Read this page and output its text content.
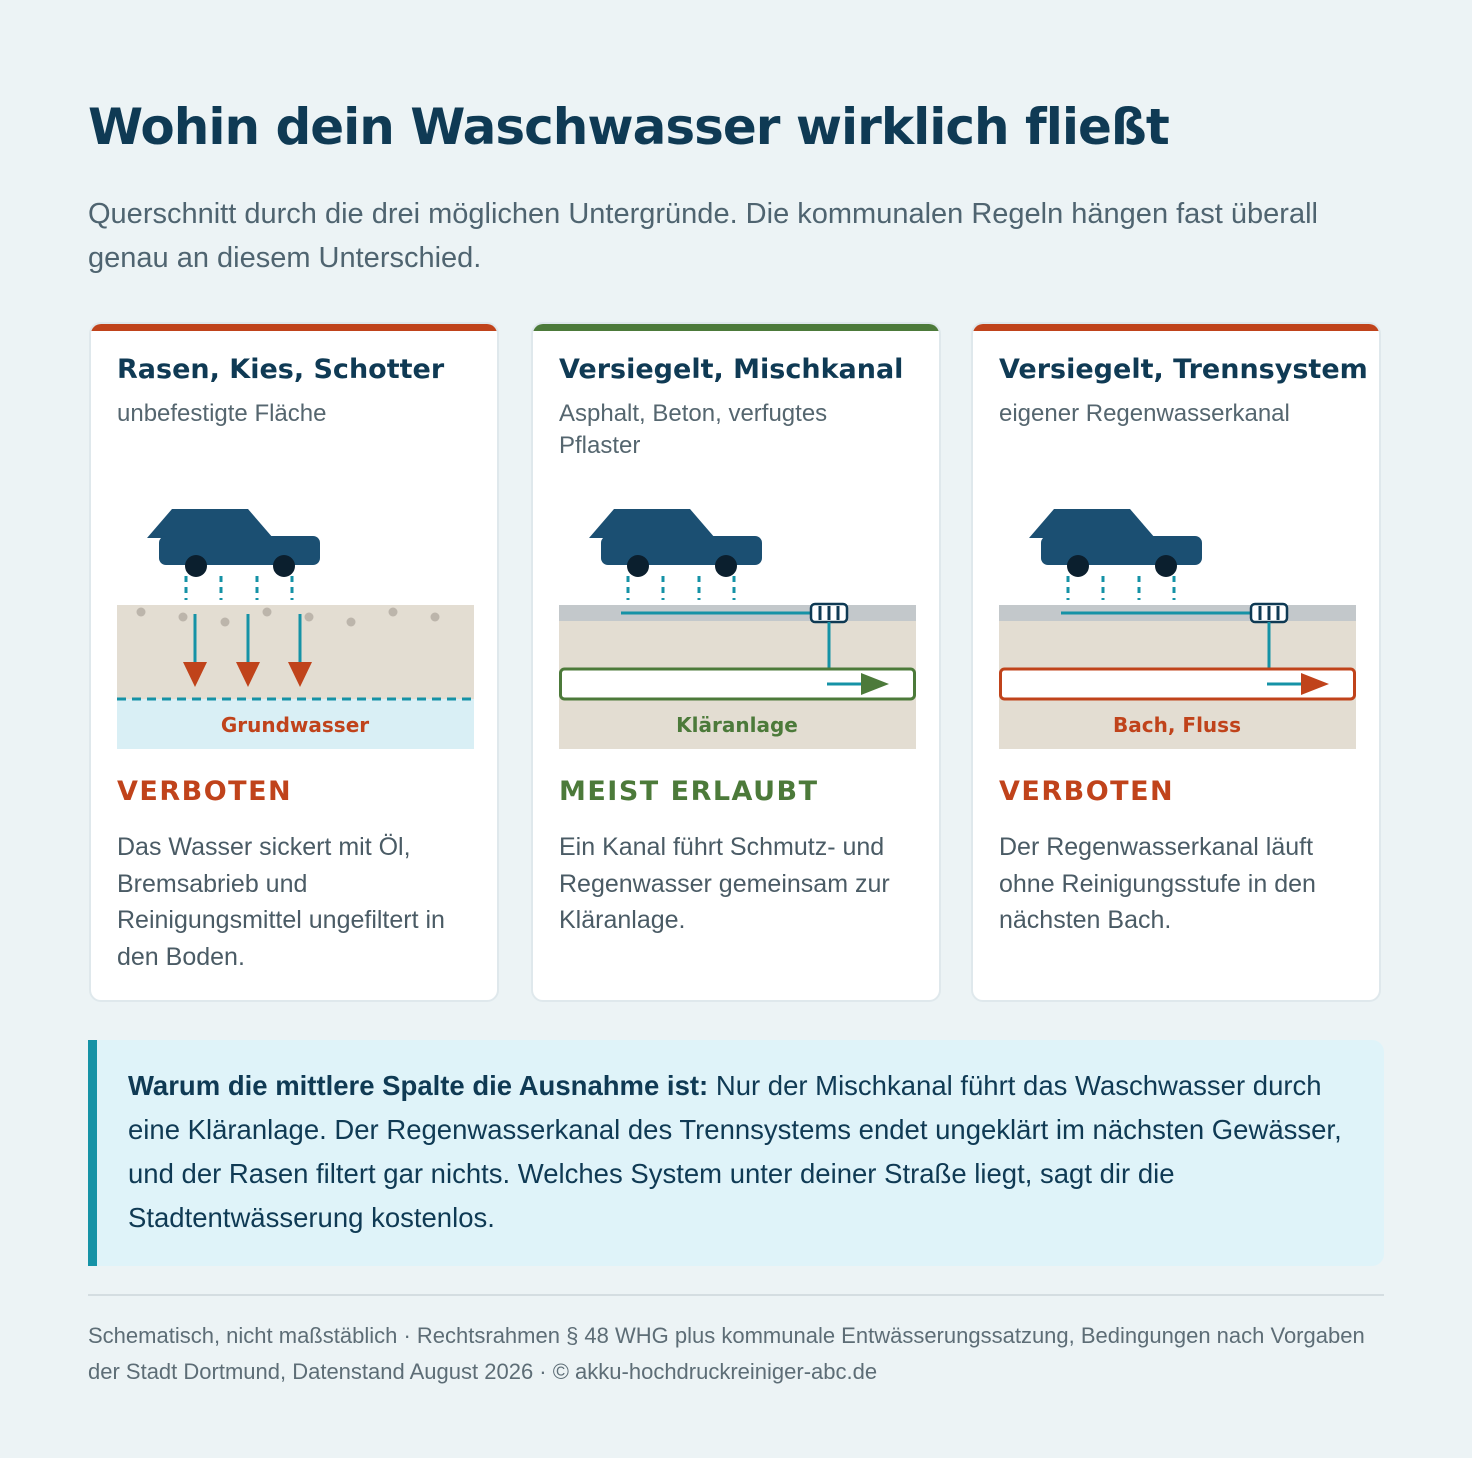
Wohin dein Waschwasser wirklich fließt

Querschnitt durch die drei möglichen Untergründe. Die kommunalen Regeln hängen fast überall genau an diesem Unterschied.

Rasen, Kies, Schotter

unbefestigte Fläche

Grundwasser
VERBOTEN

Das Wasser sickert mit Öl, Bremsabrieb und Reinigungsmittel ungefiltert in den Boden.

Versiegelt, Mischkanal

Asphalt, Beton, verfugtes Pflaster

Kläranlage
MEIST ERLAUBT

Ein Kanal führt Schmutz- und Regenwasser gemeinsam zur Kläranlage.

Versiegelt, Trennsystem

eigener Regenwasserkanal

Bach, Fluss
VERBOTEN

Der Regenwasserkanal läuft ohne Reinigungsstufe in den nächsten Bach.

Warum die mittlere Spalte die Ausnahme ist: Nur der Mischkanal führt das Waschwasser durch eine Kläranlage. Der Regenwasserkanal des Trennsystems endet ungeklärt im nächsten Gewässer, und der Rasen filtert gar nichts. Welches System unter deiner Straße liegt, sagt dir die Stadtentwässerung kostenlos.

Schematisch, nicht maßstäblich · Rechtsrahmen § 48 WHG plus kommunale Entwässerungssatzung, Bedingungen nach Vorgaben der Stadt Dortmund, Datenstand August 2026 · © akku-hochdruckreiniger-abc.de
